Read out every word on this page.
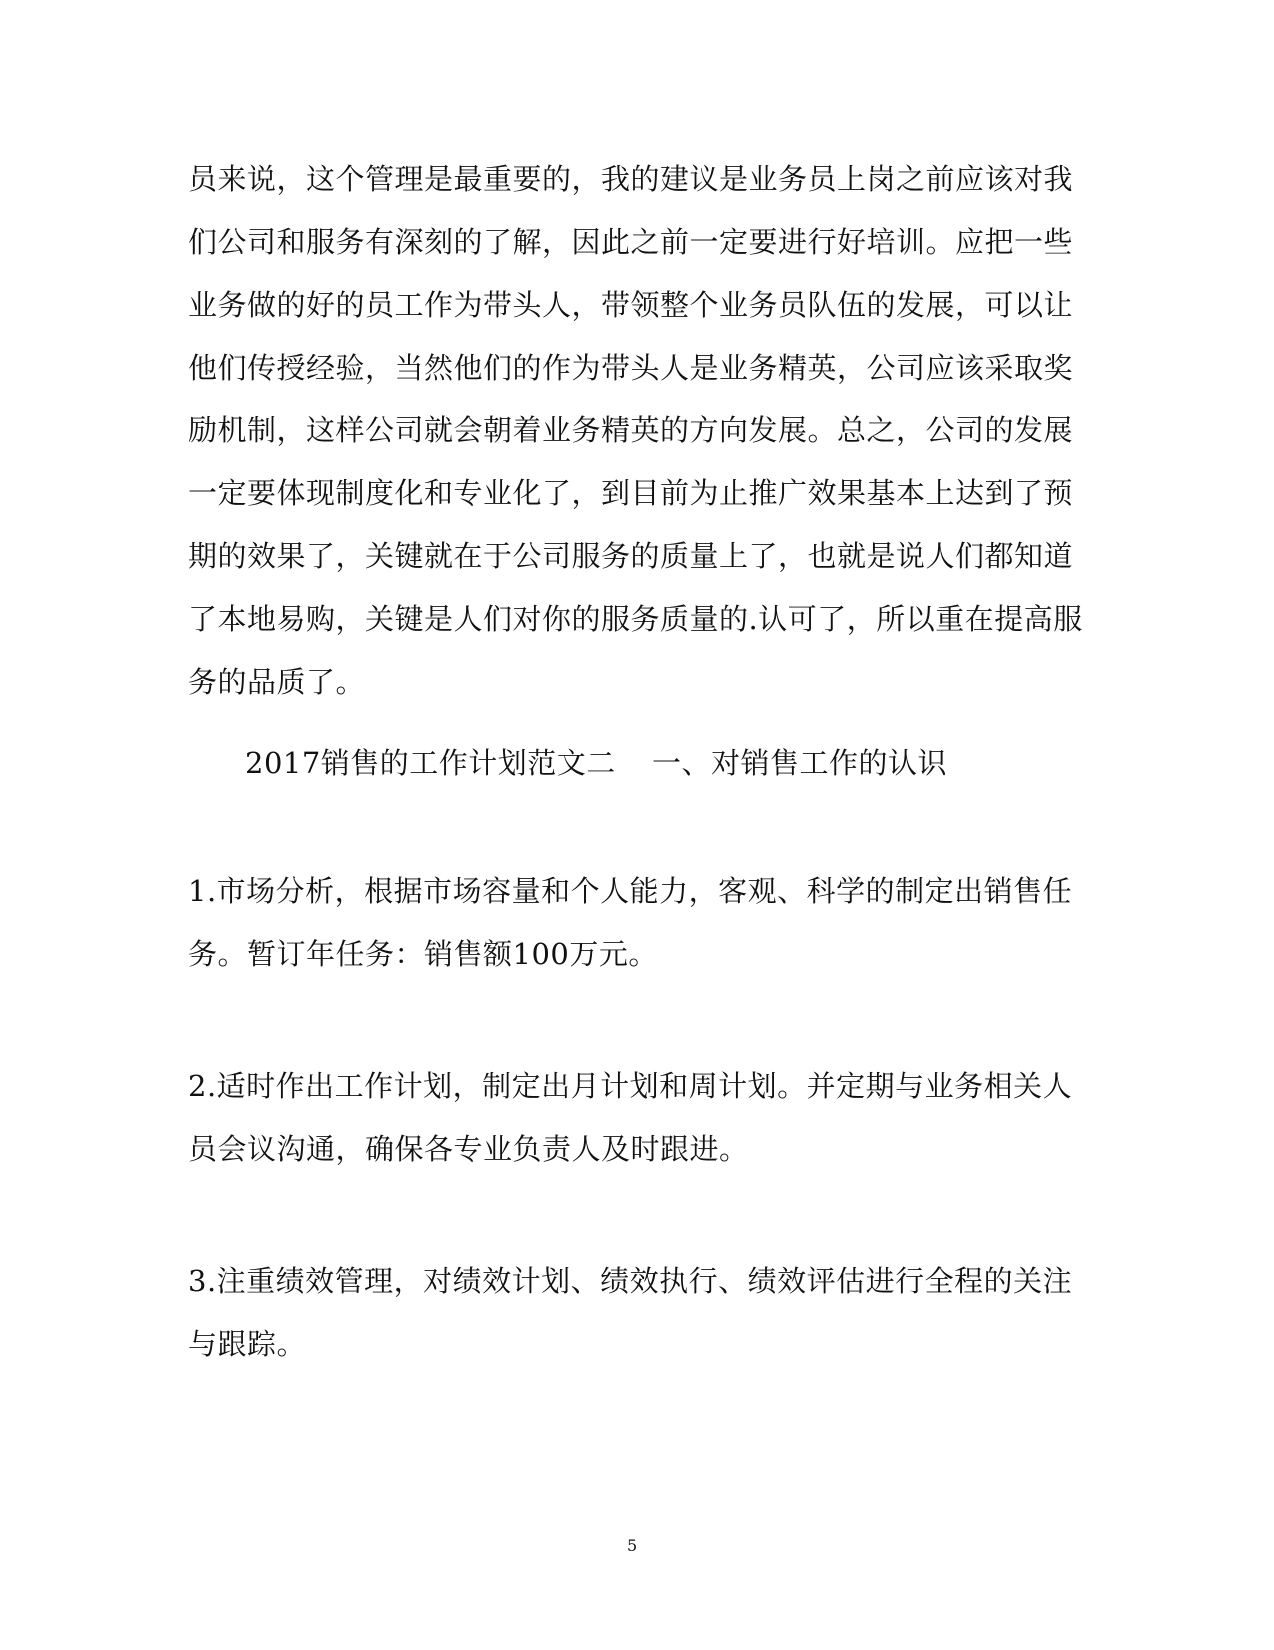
员来说，这个管理是最重要的，我的建议是业务员上岗之前应该对我
们公司和服务有深刻的了解，因此之前一定要进行好培训。应把一些
业务做的好的员工作为带头人，带领整个业务员队伍的发展，可以让
他们传授经验，当然他们的作为带头人是业务精英，公司应该采取奖
励机制，这样公司就会朝着业务精英的方向发展。总之，公司的发展
一定要体现制度化和专业化了，到目前为止推广效果基本上达到了预
期的效果了，关键就在于公司服务的质量上了，也就是说人们都知道
了本地易购，关键是人们对你的服务质量的.认可了，所以重在提高服
务的品质了。
2017销售的工作计划范文二 一、对销售工作的认识
1.市场分析，根据市场容量和个人能力，客观、科学的制定出销售任
务。暂订年任务：销售额100万元。
2.适时作出工作计划，制定出月计划和周计划。并定期与业务相关人
员会议沟通，确保各专业负责人及时跟进。
3.注重绩效管理，对绩效计划、绩效执行、绩效评估进行全程的关注
与跟踪。
5
